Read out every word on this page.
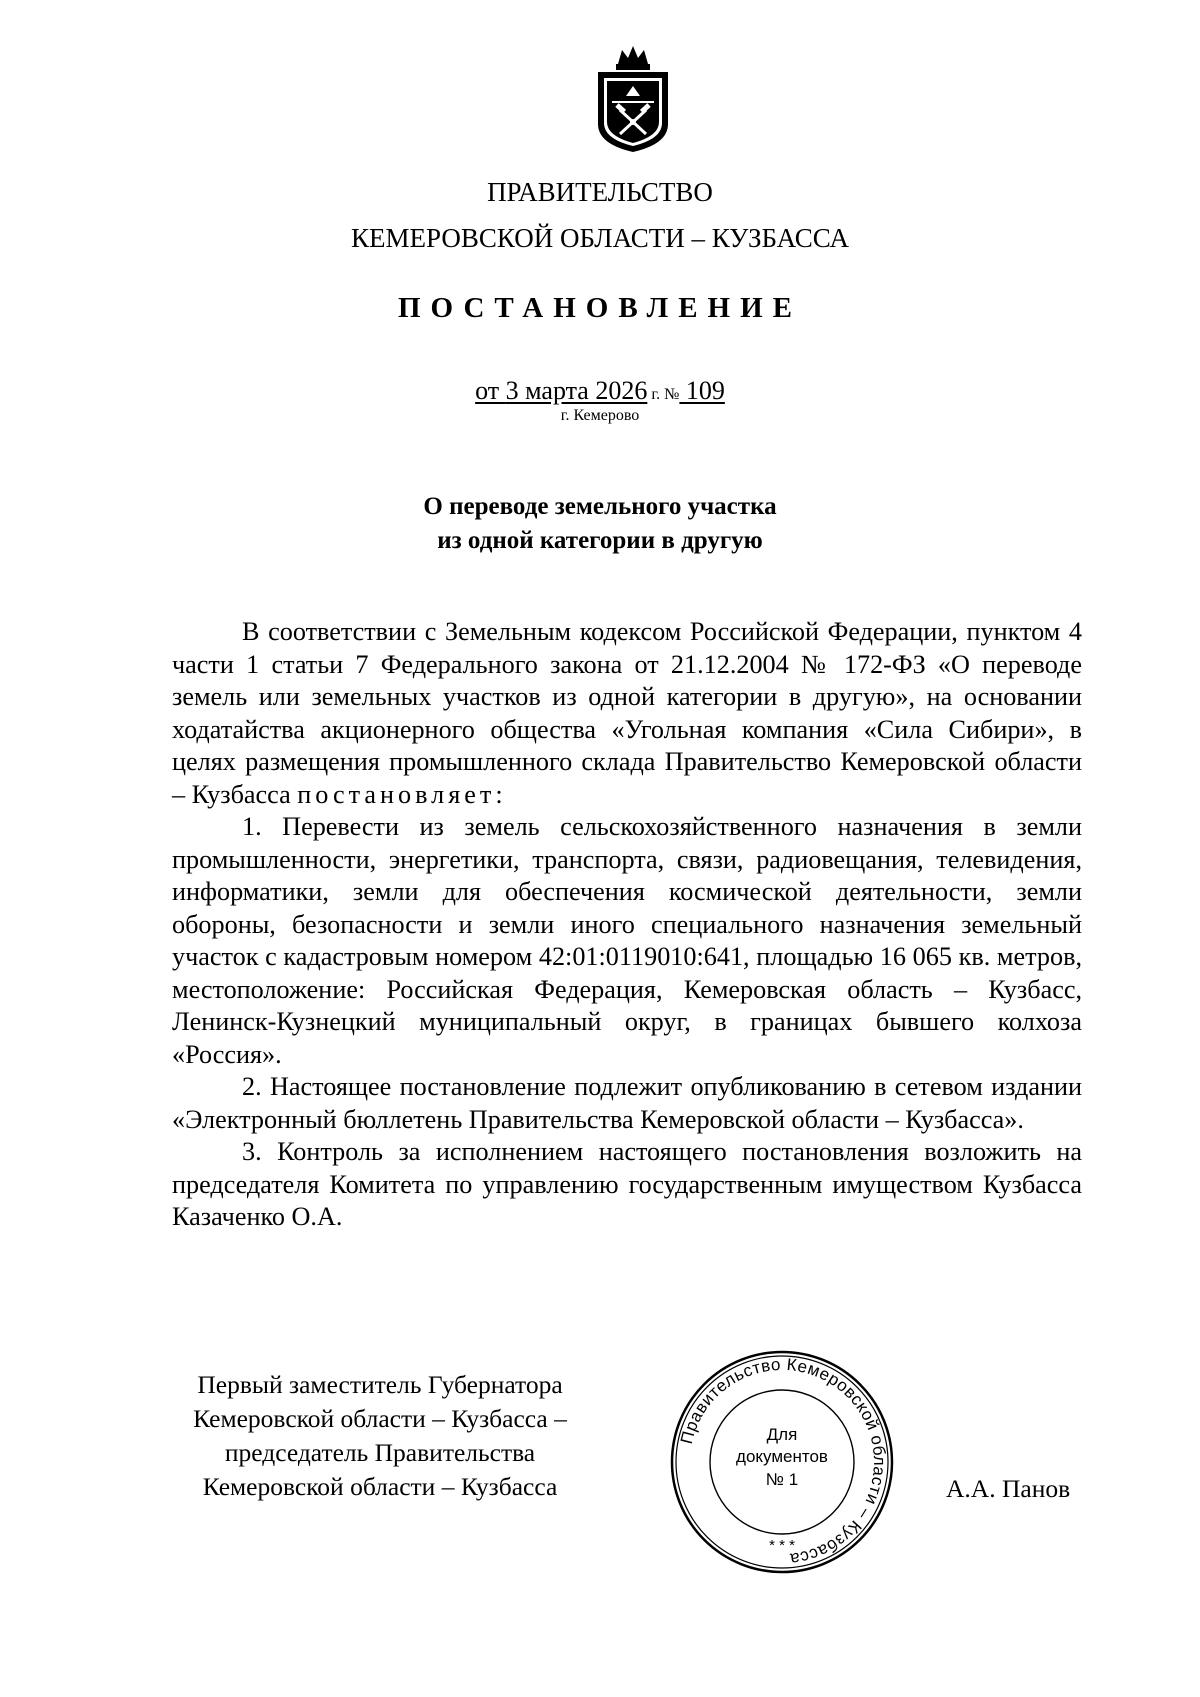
ПРАВИТЕЛЬСТВО
КЕМЕРОВСКОЙ ОБЛАСТИ – КУЗБАССА
ПОСТАНОВЛЕНИЕ
от 3 марта 2026 г. № 109
г. Кемерово
О переводе земельного участка
из одной категории в другую

В соответствии с Земельным кодексом Российской Федерации, пунктом 4 части 1 статьи 7 Федерального закона от 21.12.2004 № 172-ФЗ «О переводе земель или земельных участков из одной категории в другую», на основании ходатайства акционерного общества «Угольная компания «Сила Сибири», в целях размещения промышленного склада Правительство Кемеровской области – Кузбасса постановляет:

1. Перевести из земель сельскохозяйственного назначения в земли промышленности, энергетики, транспорта, связи, радиовещания, телевидения, информатики, земли для обеспечения космической деятельности, земли обороны, безопасности и земли иного специального назначения земельный участок с кадастровым номером 42:01:0119010:641, площадью 16 065 кв. метров, местоположение: Российская Федерация, Кемеровская область – Кузбасс, Ленинск-Кузнецкий муниципальный округ, в границах бывшего колхоза «Россия».

2. Настоящее постановление подлежит опубликованию в сетевом издании «Электронный бюллетень Правительства Кемеровской области – Кузбасса».

3. Контроль за исполнением настоящего постановления возложить на председателя Комитета по управлению государственным имуществом Кузбасса Казаченко О.А.

Первый заместитель Губернатора
Кемеровской области – Кузбасса –
председатель Правительства
Кемеровской области – Кузбасса
Правительство Кемеровской области – Кузбасса
Для
документов
№ 1
* * *
А.А. Панов
